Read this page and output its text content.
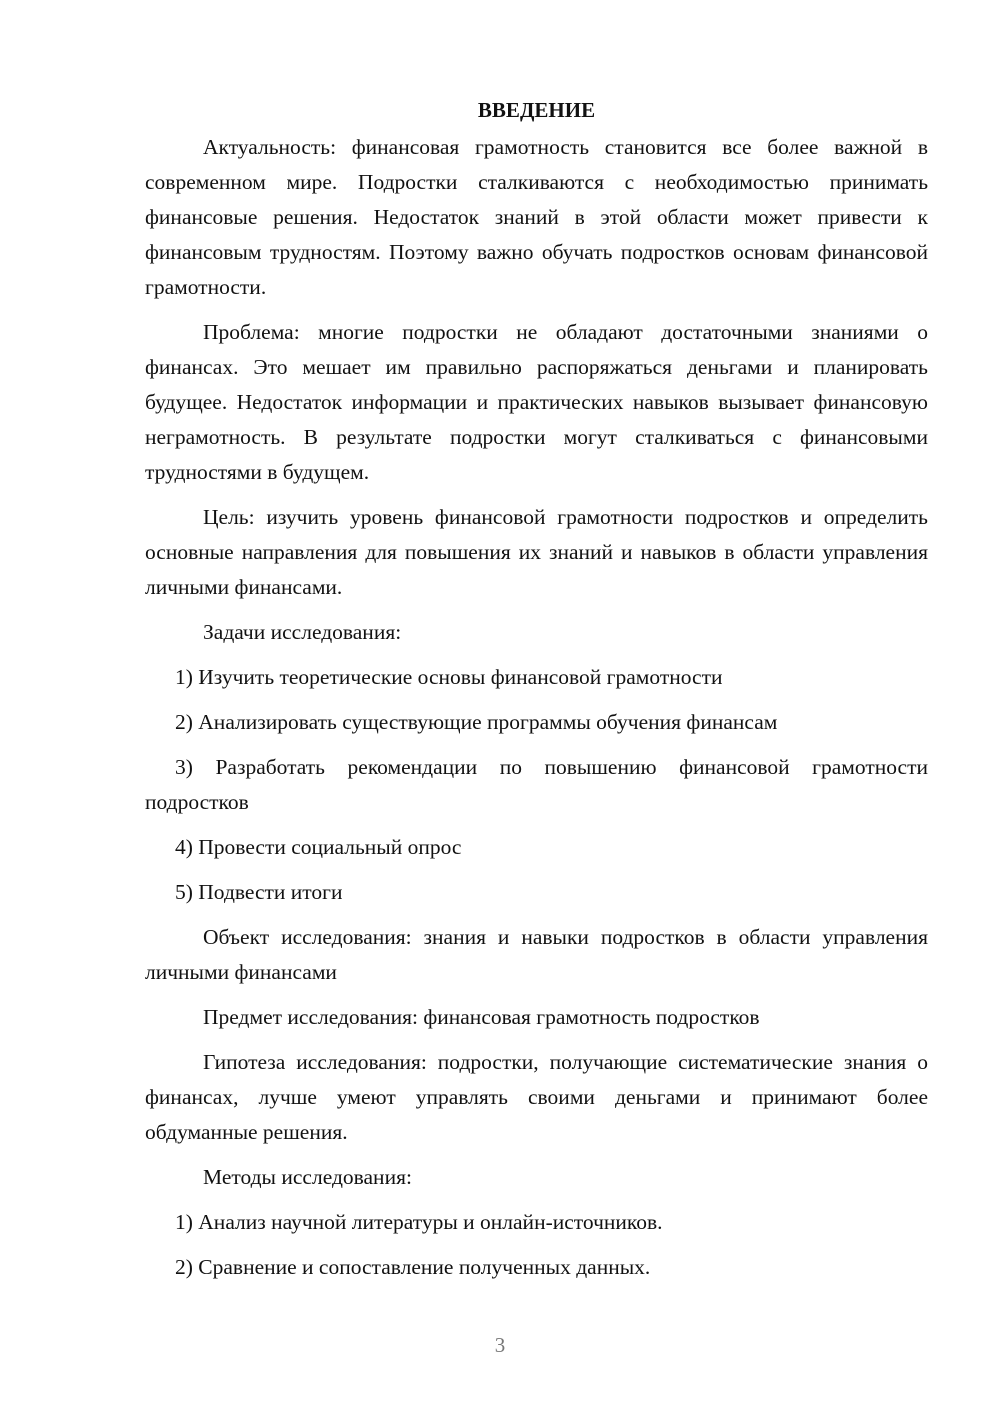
ВВЕДЕНИЕ

Актуальность: финансовая грамотность становится все более важной в современном мире. Подростки сталкиваются с необходимостью принимать финансовые решения. Недостаток знаний в этой области может привести к финансовым трудностям. Поэтому важно обучать подростков основам финансовой грамотности.

Проблема: многие подростки не обладают достаточными знаниями о финансах. Это мешает им правильно распоряжаться деньгами и планировать будущее. Недостаток информации и практических навыков вызывает финансовую неграмотность. В результате подростки могут сталкиваться с финансовыми трудностями в будущем.

Цель: изучить уровень финансовой грамотности подростков и определить основные направления для повышения их знаний и навыков в области управления личными финансами.

Задачи исследования:

1) Изучить теоретические основы финансовой грамотности

2) Анализировать существующие программы обучения финансам

3) Разработать рекомендации по повышению финансовой грамотности подростков

4) Провести социальный опрос

5) Подвести итоги

Объект исследования: знания и навыки подростков в области управления личными финансами

Предмет исследования: финансовая грамотность подростков

Гипотеза исследования: подростки, получающие систематические знания о финансах, лучше умеют управлять своими деньгами и принимают более обдуманные решения.

Методы исследования:

1) Анализ научной литературы и онлайн-источников.

2) Сравнение и сопоставление полученных данных.

3
